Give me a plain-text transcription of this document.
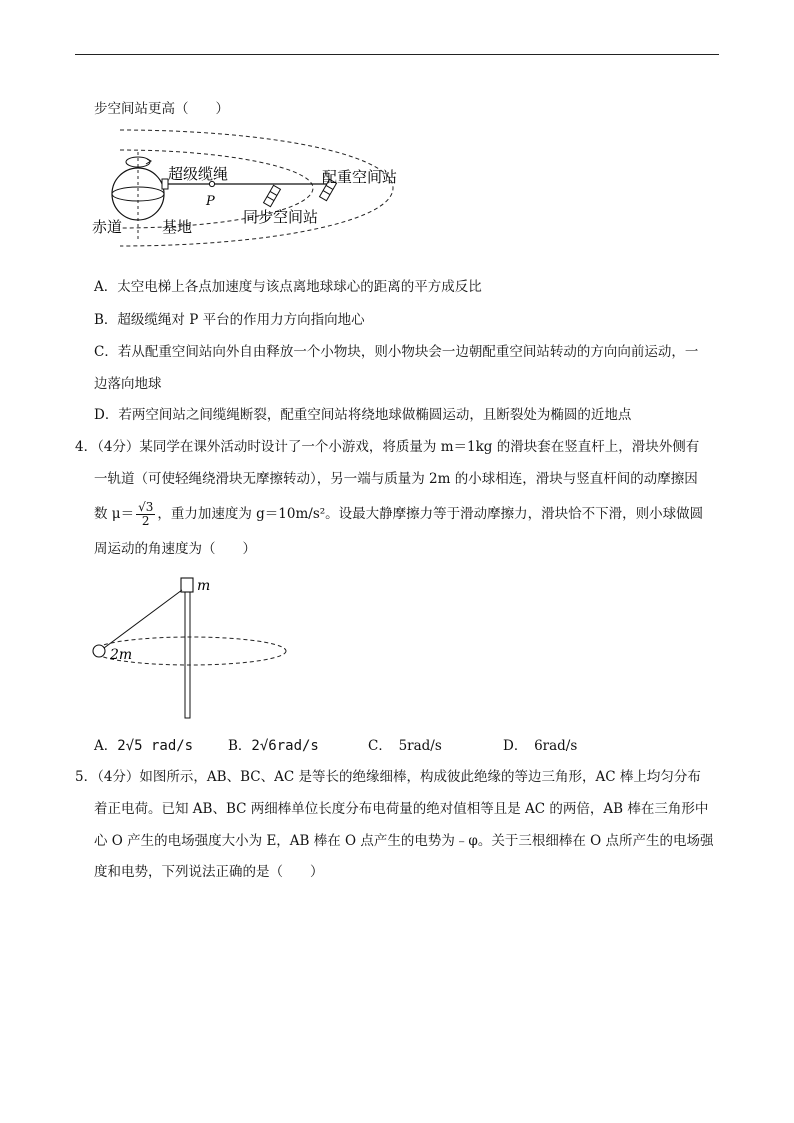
步空间站更高（　　）
超级缆绳	配重空间站
P
同步空间站
赤道	基地
A．太空电梯上各点加速度与该点离地球球心的距离的平方成反比
B．超级缆绳对 P 平台的作用力方向指向地心
C．若从配重空间站向外自由释放一个小物块，则小物块会一边朝配重空间站转动的方向向前运动，一
边落向地球
D．若两空间站之间缆绳断裂，配重空间站将绕地球做椭圆运动，且断裂处为椭圆的近地点
4．（4分）某同学在课外活动时设计了一个小游戏，将质量为 m＝1kg 的滑块套在竖直杆上，滑块外侧有
一轨道（可使轻绳绕滑块无摩擦转动），另一端与质量为 2m 的小球相连，滑块与竖直杆间的动摩擦因
数 $\mu= \frac{√3}{2}$ ，重力加速度为 g＝10m/s²。设最大静摩擦力等于滑动摩擦力，滑块恰不下滑，则小球做圆
周运动的角速度为（　　）
m
2m
A．2√5 rad/s	B．2√6rad/s	C．　5rad/s	D．　6rad/s
5．（4分）如图所示，AB、BC、AC 是等长的绝缘细棒，构成彼此绝缘的等边三角形，AC 棒上均匀分布
着正电荷。已知 AB、BC 两细棒单位长度分布电荷量的绝对值相等且是 AC 的两倍，AB 棒在三角形中
心 O 产生的电场强度大小为 E，AB 棒在 O 点产生的电势为﹣φ。关于三根细棒在 O 点所产生的电场强
度和电势，下列说法正确的是（　　）
